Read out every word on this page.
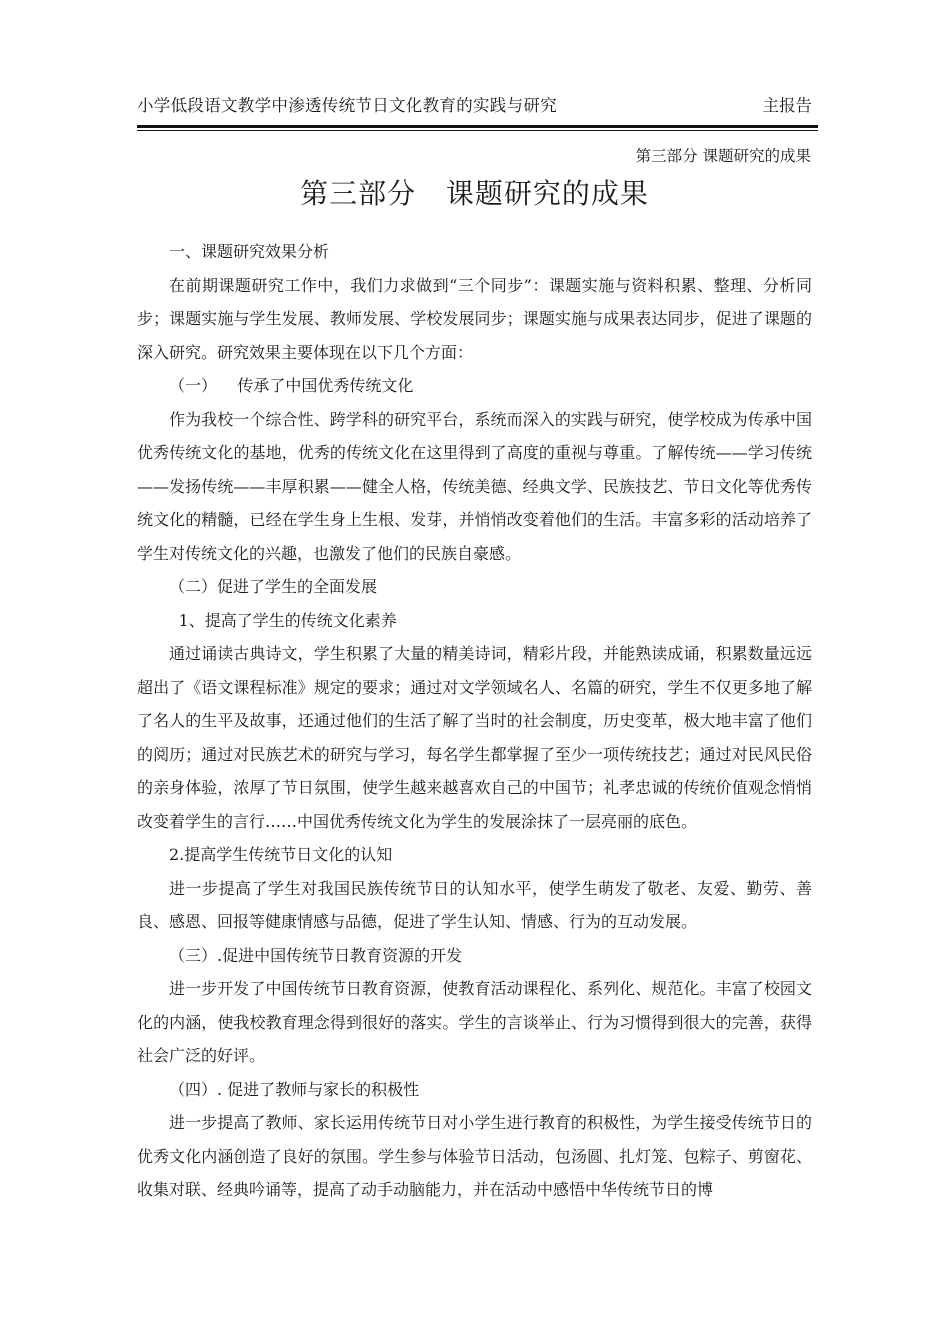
小学低段语文教学中渗透传统节日文化教育的实践与研究	主报告
第三部分 课题研究的成果
第三部分   课题研究的成果

一、课题研究效果分析

在前期课题研究工作中，我们力求做到“三个同步”：课题实施与资料积累、整理、分析同步；课题实施与学生发展、教师发展、学校发展同步；课题实施与成果表达同步，促进了课题的深入研究。研究效果主要体现在以下几个方面：

（一）    传承了中国优秀传统文化

作为我校一个综合性、跨学科的研究平台，系统而深入的实践与研究，使学校成为传承中国优秀传统文化的基地，优秀的传统文化在这里得到了高度的重视与尊重。了解传统——学习传统——发扬传统——丰厚积累——健全人格，传统美德、经典文学、民族技艺、节日文化等优秀传统文化的精髓，已经在学生身上生根、发芽，并悄悄改变着他们的生活。丰富多彩的活动培养了学生对传统文化的兴趣，也激发了他们的民族自豪感。

（二）促进了学生的全面发展

1、提高了学生的传统文化素养

通过诵读古典诗文，学生积累了大量的精美诗词，精彩片段，并能熟读成诵，积累数量远远超出了《语文课程标准》规定的要求；通过对文学领域名人、名篇的研究，学生不仅更多地了解了名人的生平及故事，还通过他们的生活了解了当时的社会制度，历史变革，极大地丰富了他们的阅历；通过对民族艺术的研究与学习，每名学生都掌握了至少一项传统技艺；通过对民风民俗的亲身体验，浓厚了节日氛围，使学生越来越喜欢自己的中国节；礼孝忠诚的传统价值观念悄悄改变着学生的言行……中国优秀传统文化为学生的发展涂抹了一层亮丽的底色。

2.提高学生传统节日文化的认知

进一步提高了学生对我国民族传统节日的认知水平，使学生萌发了敬老、友爱、勤劳、善良、感恩、回报等健康情感与品德，促进了学生认知、情感、行为的互动发展。

（三）.促进中国传统节日教育资源的开发

进一步开发了中国传统节日教育资源，使教育活动课程化、系列化、规范化。丰富了校园文化的内涵，使我校教育理念得到很好的落实。学生的言谈举止、行为习惯得到很大的完善，获得社会广泛的好评。

（四）. 促进了教师与家长的积极性

进一步提高了教师、家长运用传统节日对小学生进行教育的积极性，为学生接受传统节日的优秀文化内涵创造了良好的氛围。学生参与体验节日活动，包汤圆、扎灯笼、包粽子、剪窗花、收集对联、经典吟诵等，提高了动手动脑能力，并在活动中感悟中华传统节日的博
